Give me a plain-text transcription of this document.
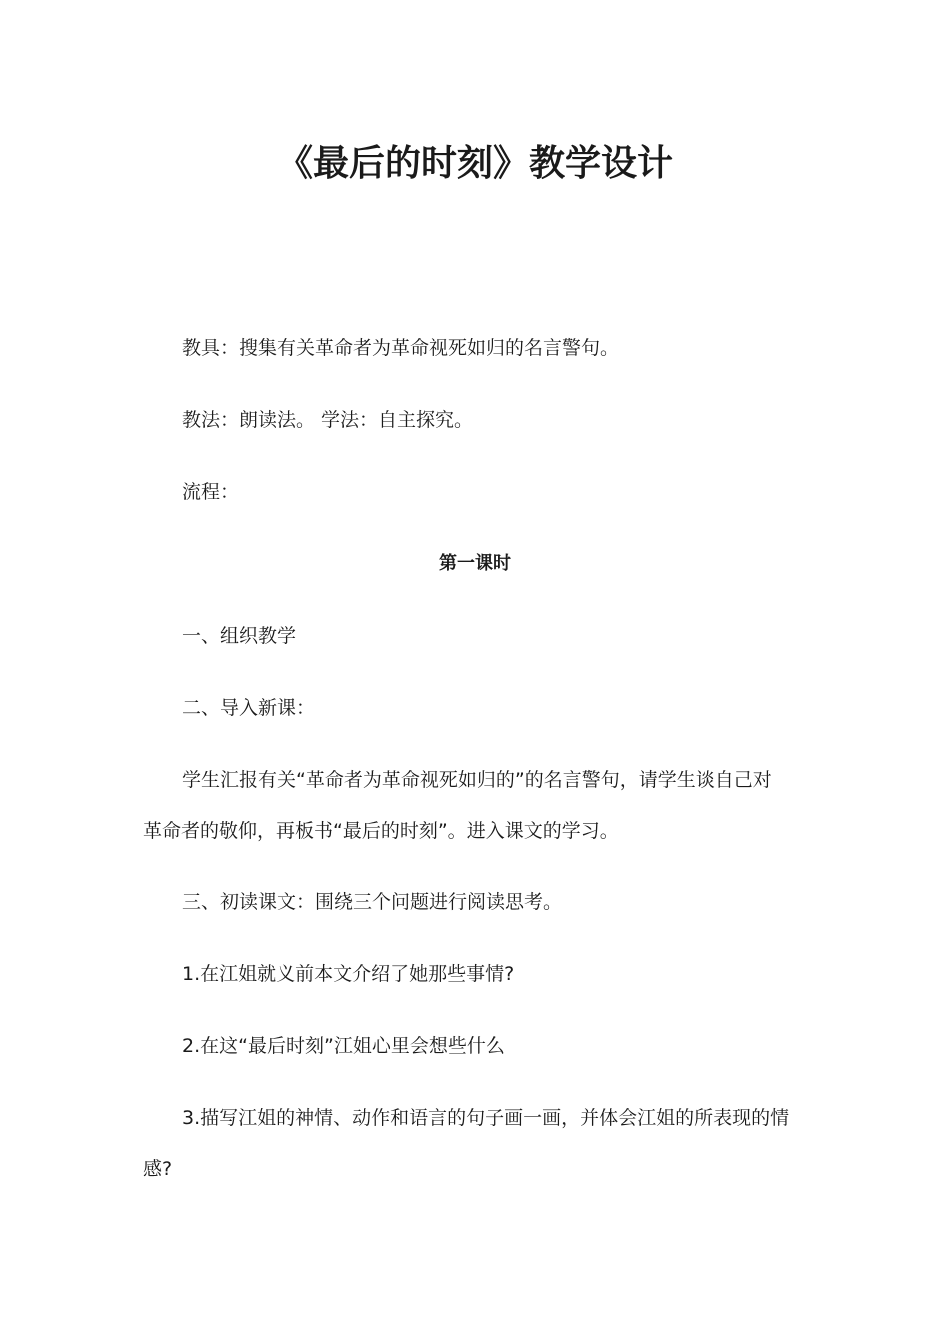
《最后的时刻》教学设计
教具：搜集有关革命者为革命视死如归的名言警句。
教法：朗读法。 学法：自主探究。
流程：
第一课时
一、组织教学
二、导入新课：
学生汇报有关“革命者为革命视死如归的”的名言警句，请学生谈自己对
革命者的敬仰，再板书“最后的时刻”。进入课文的学习。
三、初读课文：围绕三个问题进行阅读思考。
1.在江姐就义前本文介绍了她那些事情?
2.在这“最后时刻”江姐心里会想些什么
3.描写江姐的神情、动作和语言的句子画一画，并体会江姐的所表现的情
感?
